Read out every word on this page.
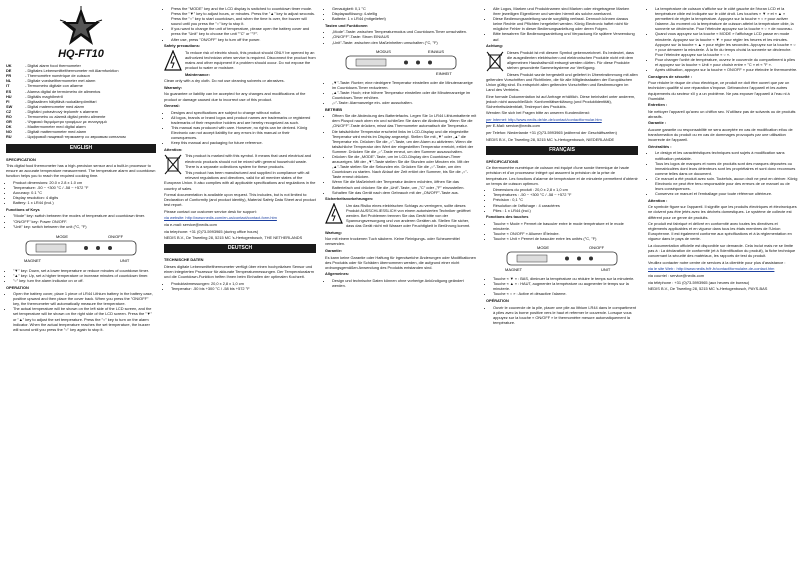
HQ-FT10
UK	- Digital alarm food thermometer
DE	- Digitales Lebensmittelthermometer mit Alarmfunktion
FR	- Thermomètre numérique de cuisson
NL	- Digitale voedselthermometer met alarm
IT	- Termometro digitale con allarme
ES	- Alarma digital de termómetro de alimentos
HU	- Digitális maghőmérő
FI	- Digitaalinen hälyttävä ruokalämpömittari
SW	- Digital matermometer med alarm
CZ	- Digitální potravinový teploměr s alarmem
RO	- Termometru cu alarmă digital pentru alimente
GR	- Ψηφιακό θερμόμετρο τροφίμων με συναγερμό
DK	- Madtermometer med digital alarm
NO	- Digitalt mattermometer med alarm
RU	- Цифровой пищевой термометр со звуковым сигналом
ENGLISH

SPECIFICATION

This digital food thermometer has a high-precision sensor and a built-in processor to ensure an accurate temperature measurement. The temperature alarm and countdown function helps you to reach the required cooking time.

• Product dimensions: 20.0 x 2.8 x 1.0 cm
• Temperature: -50 ~ +300 °C / -58 ~ +572 °F
• Accuracy: 0.1 °C
• Display resolution: 4 digits
• Battery: 1 x LR44 (incl.)

Functions of Keys

• "Mode" key: switch between the modes of temperature and countdown timer.
• "ON/OFF" key: Power ON/OFF.
• "Unit" key: switch between the unit (°C, °F)
MODE	ON/OFF
MAGNET	UNIT
• "▼" key: Down, set a lower temperature or reduce minutes of countdown timer.
• "▲" key: Up, set a higher temperature or increase minutes of countdown timer.
• "○" key: turn the alarm indicator on or off.

OPERATION

• Open the battery cover, place 1 piece of LR44 Lithium battery in the battery case, positive upward and then place the cover back. When you press the "ON/OFF" key, the thermometer will automatically measure the temperature.
• The actual temperature will be shown on the left side of the LCD screen, and the set temperature will be shown on the right side of the LCD screen. Press the "▼" or "▲" key to adjust the set temperature. Press the "○" key to turn on the alarm indicator. When the actual temperature reaches the set temperature, the buzzer will sound until you press the "○" key again to stop it.
• Press the "MODE" key and the LCD display is switched to countdown timer mode. Press the "▼" key to adjust hours, or minutes. Press the "▲" key to adjust seconds. Press the "○" key to start countdown, and when the time is over, the buzzer will sound until you press the "○" key to stop it.
• If you want to change the unit of temperature, please open the battery cover and press the "Unit" key to choose the unit "°C" or "°F".
• After use, press "ON/OFF" key to turn off the power.

Safety precautions:

To reduce risk of electric shock, this product should ONLY be opened by an authorized technician when service is required. Disconnect the product from mains and other equipment if a problem should occur. Do not expose the product to water or moisture.

Maintenance:

Clean only with a dry cloth. Do not use cleaning solvents or abrasives.

Warranty:

No guarantee or liability can be accepted for any changes and modifications of the product or damage caused due to incorrect use of this product.

General:

• Designs and specifications are subject to change without notice.
• All logos, brands or brand logos and product names are trademarks or registered trademarks of their respective holders and are hereby recognized as such.
• This manual was produced with care. However, no rights can be derived. König Electronic can not accept liability for any errors in this manual or their consequences.
• Keep this manual and packaging for future reference.

Attention:

This product is marked with this symbol. It means that used electrical and electronic products should not be mixed with general household waste. There is a separate collections system for these products.

This product has been manufactured and supplied in compliance with all relevant regulations and directives, valid for all member states of the European Union. It also complies with all applicable specifications and regulations in the country of sales.

Formal documentation is available upon request. This includes, but is not limited to: Declaration of Conformity (and product identity), Material Safety Data Sheet and product test report.

Please contact our customer service desk for support:

via website: http://www.nedis.com/en-us/contact/contact-form.htm

via e-mail: service@nedis.com

via telephone: +31 (0)73-5993965 (during office hours)

NEDIS B.V., De Tweeling 28, 5215 MC 's-Hertogenbosch, THE NETHERLANDS

DEUTSCH

TECHNISCHE DATEN

Dieses digitale Lebensmittelthermometer verfügt über einen hochpräzisen Sensor und einen integrierten Prozessor für akkurate Temperaturmessungen. Der Temperaturalarm und die Countdown-Funktion helfen Ihnen beim Einhalten der optimalen Kochzeit.

• Produktabmessungen: 20,0 x 2,8 x 1,0 cm
• Temperatur: -50 bis +300 °C / -58 bis +572 °F
• Genauigkeit: 0,1 °C
• Displayauflösung: 4-stellig
• Batterie: 1 x LR44 (mitgeliefert)

Tasten und Funktionen

• „Mode"-Taste: zwischen Temperaturmodus und Countdown-Timer umschalten.
• „ON/OFF"-Taste: Strom EIN/AUS
• „Unit"-Taste: zwischen den Maßeinheiten umschalten (°C, °F)
MODUS	EIN/AUS
EINHEIT
• „▼"-Taste: Runter; eine niedrigere Temperatur einstellen oder die Minutenanzeige im Countdown-Timer reduzieren.
• „▲"-Taste: Hoch; eine höhere Temperatur einstellen oder die Minutenanzeige im Countdown-Timer erhöhen.
• „○"-Taste: Alarmanzeige ein- oder ausschalten.

BETRIEB

• Öffnen Sie die Abdeckung des Batteriefachs. Legen Sie 1x LR44 Lithiumbatterie mit dem Pluspol nach oben ein und schließen Sie dann die Abdeckung. Wenn Sie die „ON/OFF"-Taste drücken, misst das Thermometer automatisch die Temperatur.
• Die tatsächliche Temperatur erscheint links im LCD-Display und die eingestellte Temperatur wird rechts im Display angezeigt. Stellen Sie mit „▼" oder „▲" die Temperatur ein. Drücken Sie die „○"-Taste, um den Alarm zu aktivieren. Wenn die tatsächliche Temperatur den Wert der eingestellten Temperatur erreicht, ertönt der Summer. Drücken Sie die „○"-Taste erneut, um den Summer auszuschalten.
• Drücken Sie die „MODE"-Taste, um im LCD-Display den Countdown-Timer anzuzeigen. Mit der „▼"-Taste stellen Sie die Stunden oder Minuten ein. Mit der „▲"-Taste stellen Sie die Sekunden ein. Drücken Sie die „○"-Taste, um den Countdown zu starten. Nach Ablauf der Zeit ertönt der Summer, bis Sie die „○"-Taste erneut drücken.
• Wenn Sie die Maßeinheit der Temperatur ändern möchten, öffnen Sie das Batteriefach und drücken Sie die „Unit"-Taste, um „°C" oder „°F" einzustellen.
• Schalten Sie das Gerät nach dem Gebrauch mit der „ON/OFF"-Taste aus.

Sicherheitsvorkehrungen:

Um das Risiko eines elektrischen Schlags zu verringern, sollte dieses Produkt AUSSCHLIESSLICH von einem autorisierten Techniker geöffnet werden. Bei Problemen trennen Sie das Gerät bitte von der Spannungsversorgung und von anderen Geräten ab. Stellen Sie sicher, dass das Gerät nicht mit Wasser oder Feuchtigkeit in Berührung kommt.

Wartung:

Nur mit einem trockenen Tuch säubern. Keine Reinigungs- oder Scheuermittel verwenden.

Garantie:

Es kann keine Garantie oder Haftung für irgendwelche Änderungen oder Modifikationen des Produkts oder für Schäden übernommen werden, die aufgrund einer nicht ordnungsgemäßen Anwendung des Produkts entstanden sind.

Allgemeines:

• Design und technische Daten können ohne vorherige Ankündigung geändert werden.
• Alle Logos, Marken und Produktnamen sind Marken oder eingetragene Marken ihrer jeweiligen Eigentümer und werden hiermit als solche anerkannt.
• Diese Bedienungsanleitung wurde sorgfältig verfasst. Dennoch können daraus keine Rechte und Pflichten hergeleitet werden. König Electronic haftet nicht für mögliche Fehler in dieser Bedienungsanleitung oder deren Folgen.
• Bitte bewahren Sie Bedienungsanleitung und Verpackung für spätere Verwendung auf.

Achtung:

Dieses Produkt ist mit diesem Symbol gekennzeichnet. Es bedeutet, dass die ausgedienten elektrischen und elektronischen Produkte nicht mit dem allgemeinen Haushaltsmüll entsorgt werden dürfen. Für diese Produkte stehen gesonderte Sammelsysteme zur Verfügung.

Dieses Produkt wurde hergestellt und geliefert in Übereinstimmung mit allen geltenden Vorschriften und Richtlinien, die für alle Mitgliedsstaaten der Europäischen Union gültig sind. Es entspricht allen geltenden Vorschriften und Bestimmungen im Land des Vertriebs.

Eine formale Dokumentation ist auf Anfrage erhältlich. Diese beinhaltet unter anderem, jedoch nicht ausschließlich: Konformitätserklärung (und Produktidentität), Sicherheitsdatenblatt, Testreport des Produkts.

Wenden Sie sich bei Fragen bitte an unseren Kundendienst:

per Internet: http://www.nedis.de/de-de/contact/contactformular.htm

per E-Mail: service@nedis.com

per Telefon: Niederlande +31 (0)73-5993965 (während der Geschäftszeiten)

NEDIS B.V., De Tweeling 28, 5215 MC 's-Hertogenbosch, NIEDERLANDE

FRANÇAIS

SPÉCIFICATIONS

Ce thermomètre numérique de cuisson est équipé d'une sonde thermique de haute précision et d'un processeur intégré qui assurent la précision de la prise de température. Les fonctions d'alarme de température et de minuterie permettent d'obtenir un temps de cuisson optimum.

• Dimensions du produit : 20,0 x 2,8 x 1,0 cm
• Températures : -50 ~ +300 °C / -58 ~ +572 °F
• Précision : 0,1 °C
• Résolution de l'affichage : 4 caractères
• Piles : 1 x LR44 (incl.)

Fonctions des touches

• Touche « Mode » Permet de basculer entre le mode température et le mode minuterie.
• Touche « ON/OFF » Allumer /Éteindre.
• Touche « Unit » Permet de basculer entre les unités (°C, °F)
MODE	ON/OFF
MAGNET	UNIT
• Touche « ▼ » : BAS, diminuer la température ou réduire le temps sur la minuterie.
• Touche « ▲ » : HAUT, augmenter la température ou augmenter le temps sur la minuterie.
• Touche « ○ » : Active et désactive l'alarme.

OPÉRATION

• Ouvrir le couvercle de la pile, placer une pile au lithium LR44 dans le compartiment à piles avec la borne positive vers le haut et refermer le couvercle. Lorsque vous appuyez sur la touche « ON/OFF » le thermomètre mesure automatiquement la température.
• La température de cuisson s'affiche sur le côté gauche de l'écran LCD et la température cible est indiquée sur le côté droit. Les touches « ▼ » et « ▲ » permettent de régler la température. Appuyez sur la touche « ○ » pour activer l'alarme. Au moment où la température de cuisson atteint la température cible, la sonnerie se déclenche. Pour l'éteindre appuyez sur la touche « ○ » de nouveau.
• Quand vous appuyez sur la touche « MODE » l'affichage LCD passe en mode minuterie. Appuyez sur la touche « ▼ » pour régler les heures et les minutes. Appuyez sur la touche « ▲ » pour régler les secondes. Appuyez sur la touche « ○ » pour démarrer la minuterie. À la fin du temps choisi la sonnerie se déclenche. Pour l'éteindre appuyez sur la touche « ○ ».
• Pour changer l'unité de température, ouvrez le couvercle du compartiment à piles et appuyez sur la touche « Unit » pour choisir entre « °C » et « °F ».
• Après utilisation, appuyez sur la touche « ON/OFF » pour éteindre le thermomètre.

Consignes de sécurité :

Pour réduire le risque de choc électrique, ce produit ne doit être ouvert que par un technicien qualifié si une réparation s'impose. Débranchez l'appareil et les autres équipements du secteur s'il y a un problème. Ne pas exposer l'appareil à l'eau ni à l'humidité.

Entretien :

Ne nettoyer l'appareil qu'avec un chiffon sec. N'utilisez pas de solvants ou de produits abrasifs.

Garantie :

Aucune garantie ou responsabilité ne sera acceptée en cas de modification et/ou de transformation du produit ou en cas de dommages provoqués par une utilisation incorrecte de l'appareil.

Généralités :

• Le design et les caractéristiques techniques sont sujets à modification sans notification préalable.
• Tous les logos de marques et noms de produits sont des marques déposées ou immatriculées dont leurs détenteurs sont les propriétaires et sont donc reconnues comme telles dans ce document.
• Ce manuel a été produit avec soin. Toutefois, aucun droit ne peut en dériver. König Electronic ne peut être tenu responsable pour des erreurs de ce manuel ou de leurs conséquences.
• Conservez ce manuel et l'emballage pour toute référence ultérieure.

Attention :

Ce symbole figure sur l'appareil. Il signifie que les produits électriques et électroniques ne doivent pas être jetés avec les déchets domestiques. Le système de collecte est différent pour ce genre de produits.

Ce produit est fabriqué et délivré en conformité avec toutes les directives et règlements applicables et en vigueur dans tous les états membres de l'Union Européenne. Il est également conforme aux spécifications et à la réglementation en vigueur dans le pays de vente.

La documentation officielle est disponible sur demande. Cela inclut mais ne se limite pas à : La déclaration de conformité (et à l'identification du produit), la fiche technique concernant la sécurité des matériaux, les rapports de test du produit.

Veuillez contacter notre centre de services à la clientèle pour plus d'assistance :

via le site Web : http://www.nedis.fr/fr-fr/contact/formulaire-de-contact.htm

via courriel : service@nedis.com

via téléphone : +31 (0)73-5993965 (aux heures de bureau)

NEDIS B.V., De Tweeling 28, 5215 MC 's-Hertogenbosch, PAYS-BAS
